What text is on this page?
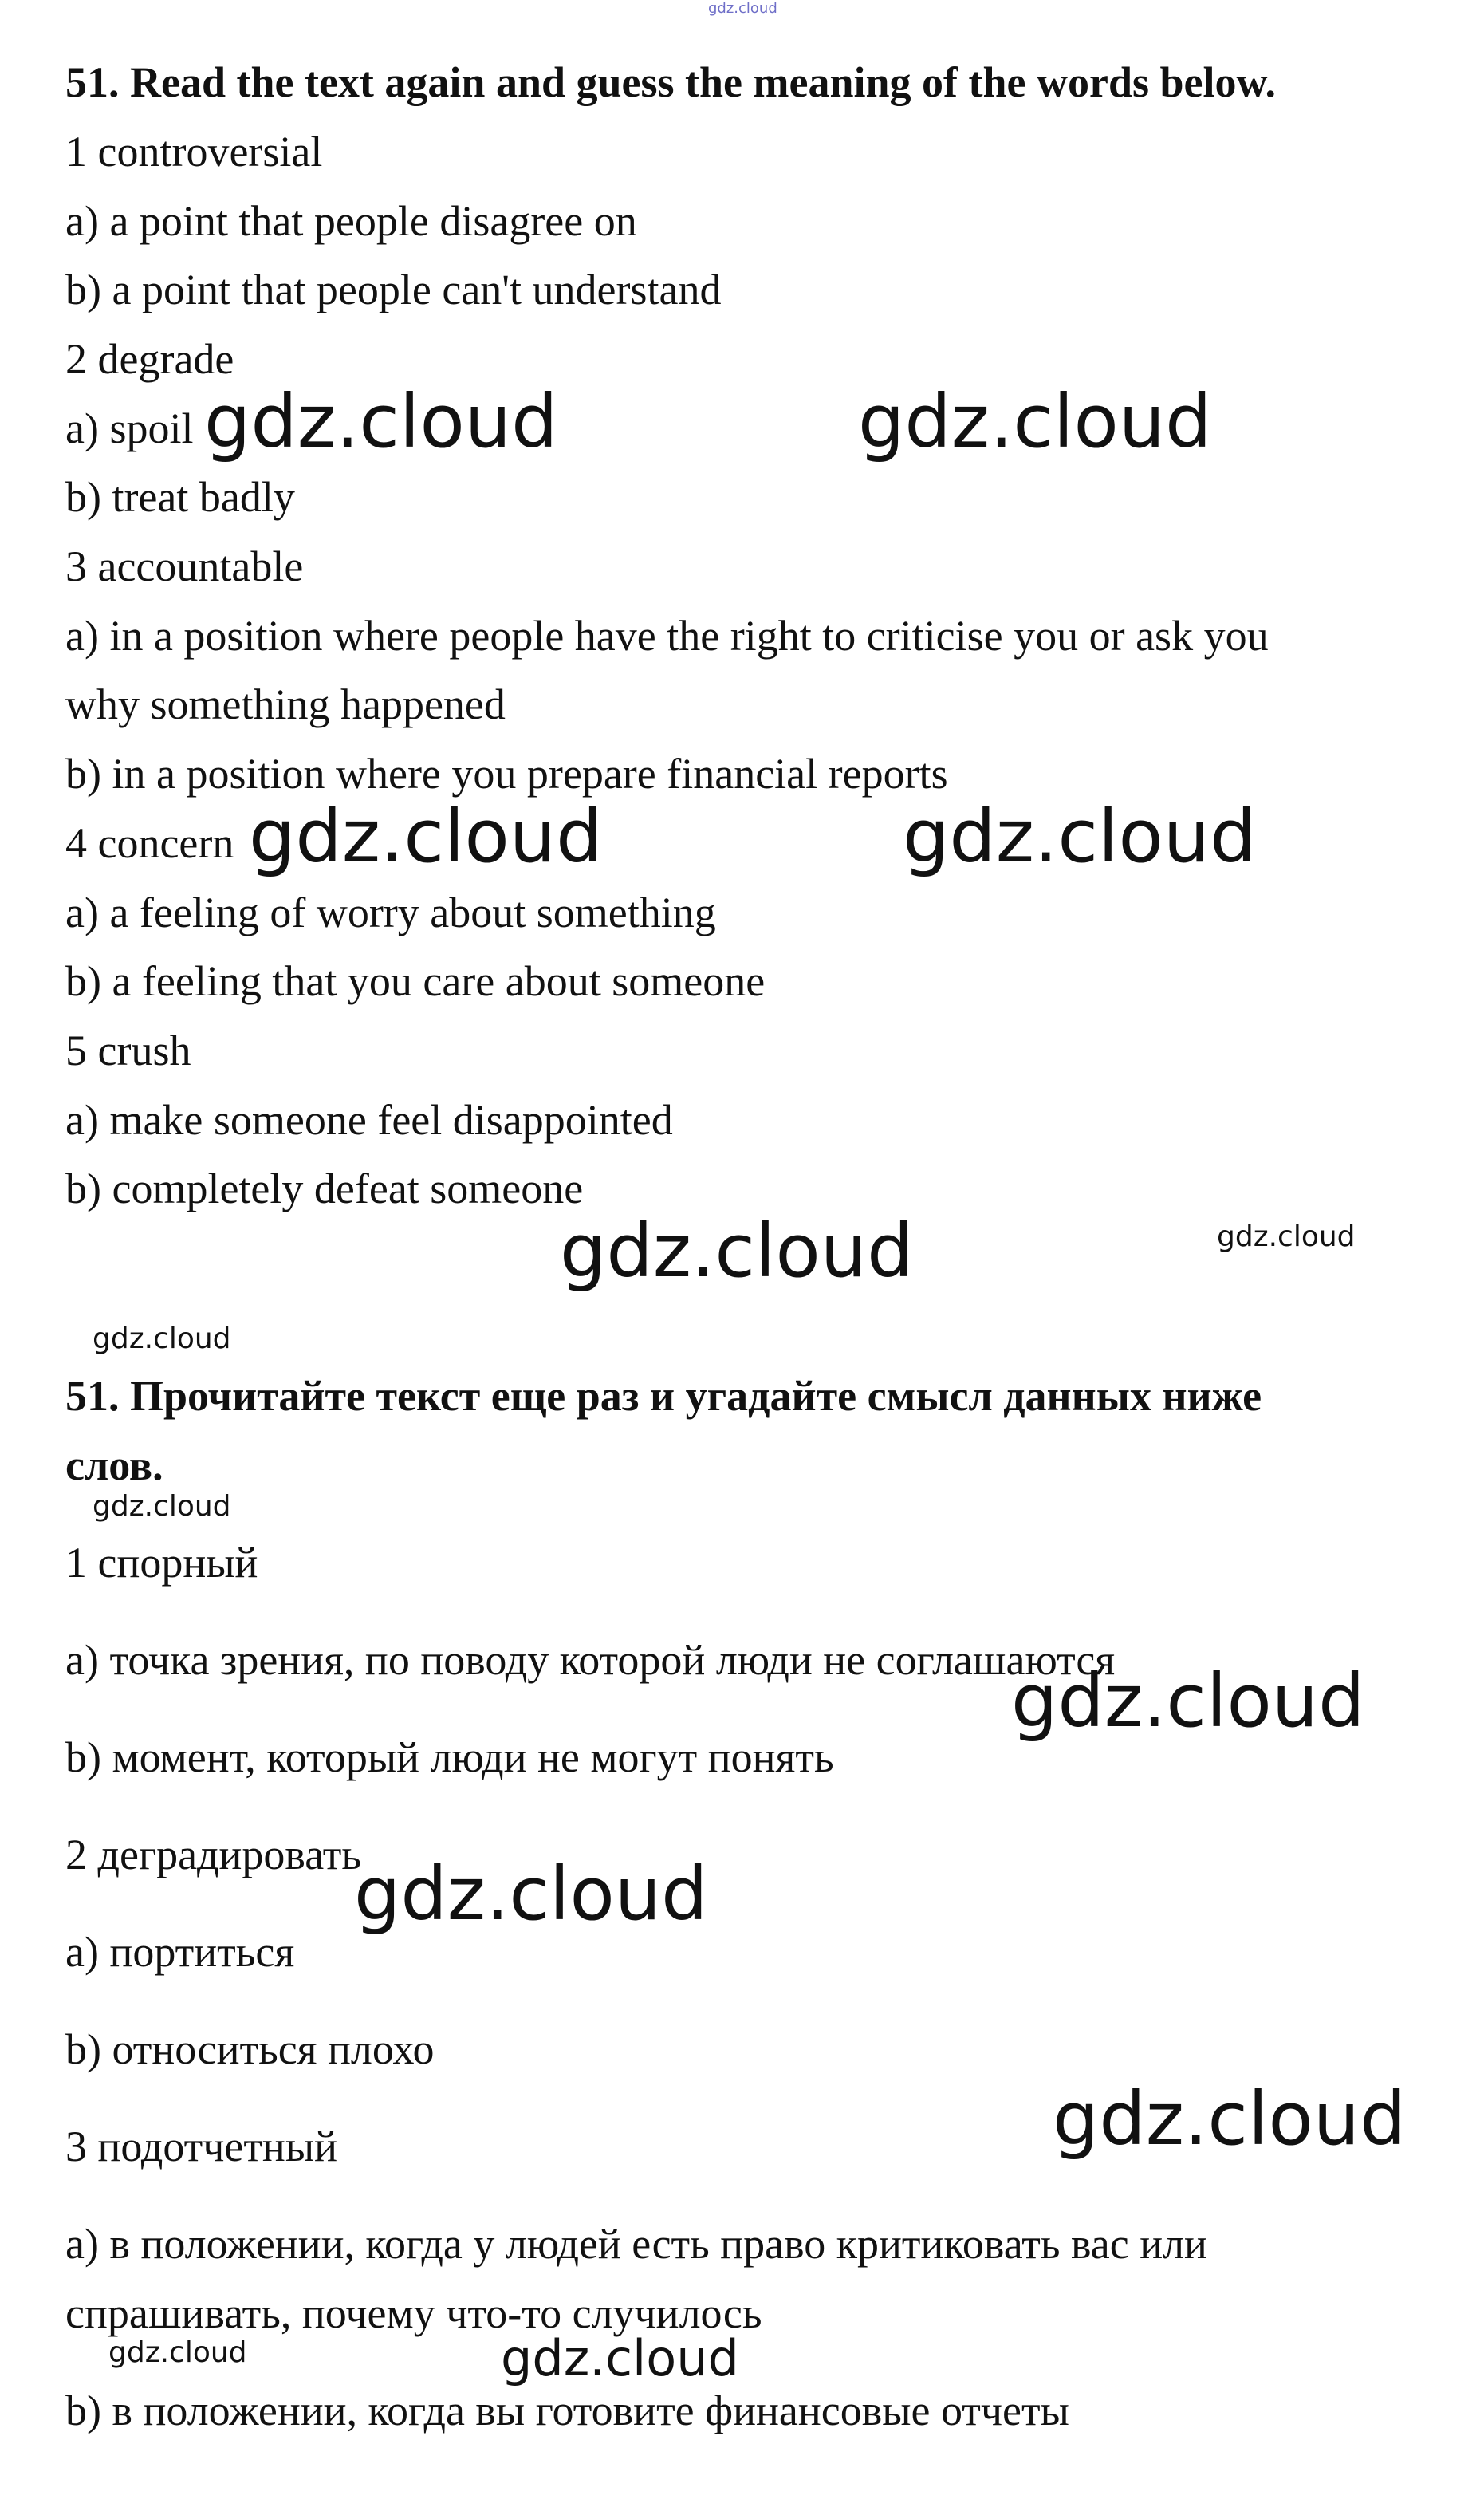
gdz.cloud
51. Read the text again and guess the meaning of the words below.
1 controversial
a) a point that people disagree on
b) a point that people can't understand
2 degrade
a) spoil
b) treat badly
3 accountable
a) in a position where people have the right to criticise you or ask you
why something happened
b) in a position where you prepare financial reports
4 concern
a) a feeling of worry about something
b) a feeling that you care about someone
5 crush
a) make someone feel disappointed
b) completely defeat someone
51. Прочитайте текст еще раз и угадайте смысл данных ниже
слов.
1 спорный
a) точка зрения, по поводу которой люди не соглашаются
b) момент, который люди не могут понять
2 деградировать
a) портиться
b) относиться плохо
3 подотчетный
a) в положении, когда у людей есть право критиковать вас или
спрашивать, почему что-то случилось
b) в положении, когда вы готовите финансовые отчеты
gdz.cloud	gdz.cloud
gdz.cloud	gdz.cloud
gdz.cloud	gdz.cloud
gdz.cloud
gdz.cloud
gdz.cloud
gdz.cloud
gdz.cloud
gdz.cloud	gdz.cloud
